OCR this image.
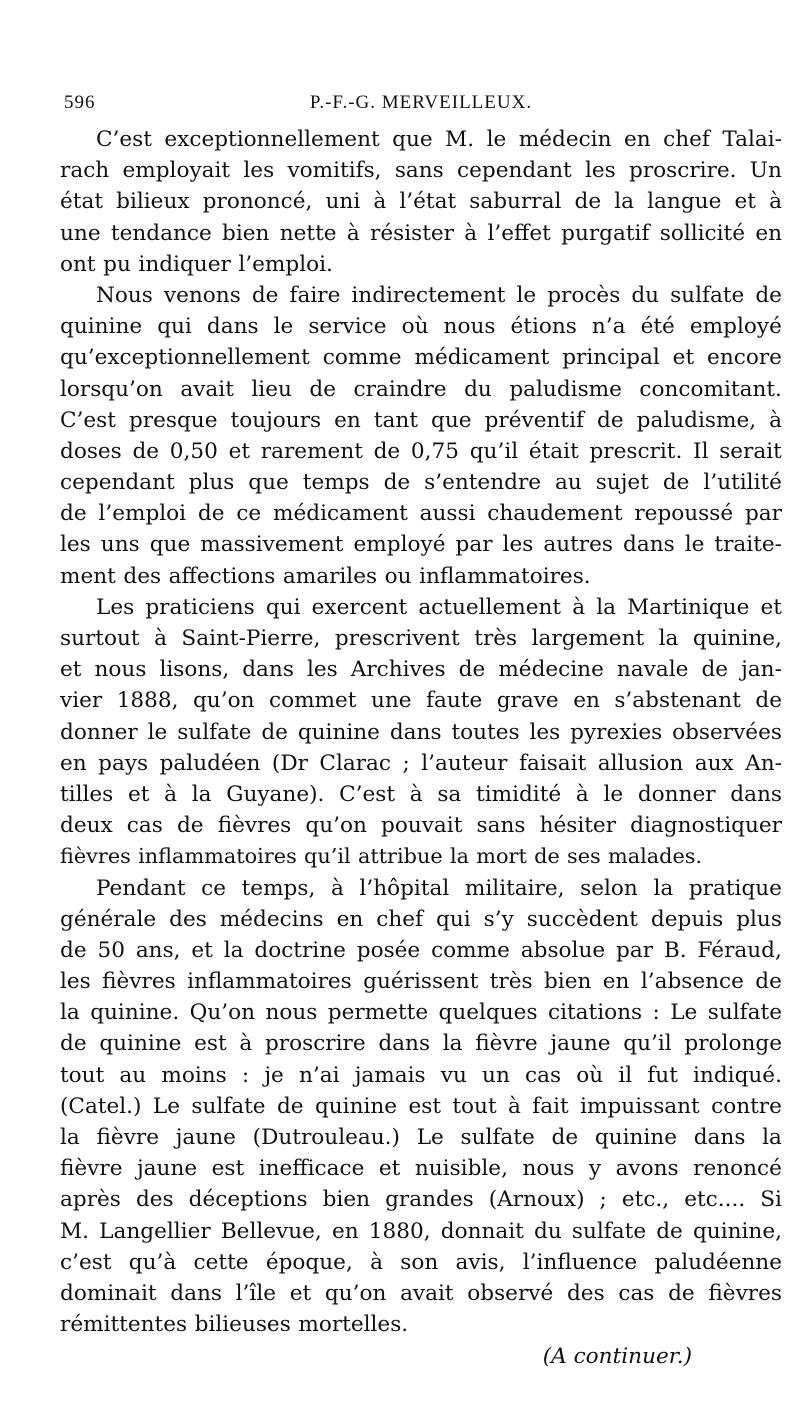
596	P.-F.-G. MERVEILLEUX.
C’est exceptionnellement que M. le médecin en chef Talai-
rach employait les vomitifs, sans cependant les proscrire. Un
état bilieux prononcé, uni à l’état saburral de la langue et à
une tendance bien nette à résister à l’effet purgatif sollicité en
ont pu indiquer l’emploi.
Nous venons de faire indirectement le procès du sulfate de
quinine qui dans le service où nous étions n’a été employé
qu’exceptionnellement comme médicament principal et encore
lorsqu’on avait lieu de craindre du paludisme concomitant.
C’est presque toujours en tant que préventif de paludisme, à
doses de 0,50 et rarement de 0,75 qu’il était prescrit. Il serait
cependant plus que temps de s’entendre au sujet de l’utilité
de l’emploi de ce médicament aussi chaudement repoussé par
les uns que massivement employé par les autres dans le traite-
ment des affections amariles ou inflammatoires.
Les praticiens qui exercent actuellement à la Martinique et
surtout à Saint-Pierre, prescrivent très largement la quinine,
et nous lisons, dans les Archives de médecine navale de jan-
vier 1888, qu’on commet une faute grave en s’abstenant de
donner le sulfate de quinine dans toutes les pyrexies observées
en pays paludéen (Dr Clarac ; l’auteur faisait allusion aux An-
tilles et à la Guyane). C’est à sa timidité à le donner dans
deux cas de fièvres qu’on pouvait sans hésiter diagnostiquer
fièvres inflammatoires qu’il attribue la mort de ses malades.
Pendant ce temps, à l’hôpital militaire, selon la pratique
générale des médecins en chef qui s’y succèdent depuis plus
de 50 ans, et la doctrine posée comme absolue par B. Féraud,
les fièvres inflammatoires guérissent très bien en l’absence de
la quinine. Qu’on nous permette quelques citations : Le sulfate
de quinine est à proscrire dans la fièvre jaune qu’il prolonge
tout au moins : je n’ai jamais vu un cas où il fut indiqué.
(Catel.) Le sulfate de quinine est tout à fait impuissant contre
la fièvre jaune (Dutrouleau.) Le sulfate de quinine dans la
fièvre jaune est inefficace et nuisible, nous y avons renoncé
après des déceptions bien grandes (Arnoux) ; etc., etc.... Si
M. Langellier Bellevue, en 1880, donnait du sulfate de quinine,
c’est qu’à cette époque, à son avis, l’influence paludéenne
dominait dans l’île et qu’on avait observé des cas de fièvres
rémittentes bilieuses mortelles.
(A continuer.)
